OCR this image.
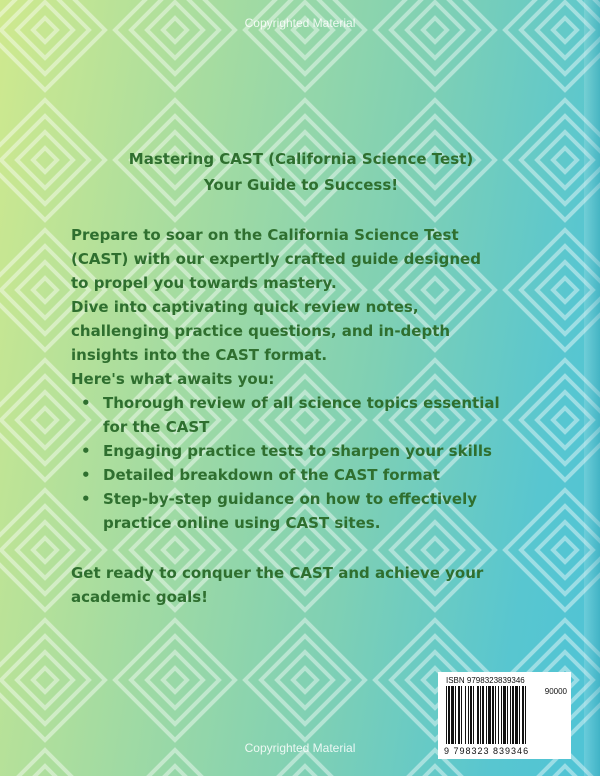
Copyrighted Material
Mastering CAST (California Science Test)
Your Guide to Success!
Prepare to soar on the California Science Test
(CAST) with our expertly crafted guide designed
to propel you towards mastery.
Dive into captivating quick review notes,
challenging practice questions, and in-depth
insights into the CAST format.
Here's what awaits you:
• Thorough review of all science topics essential
for the CAST
• Engaging practice tests to sharpen your skills
• Detailed breakdown of the CAST format
• Step-by-step guidance on how to effectively
practice online using CAST sites.
Get ready to conquer the CAST and achieve your
academic goals!
ISBN 9798323839346
90000
9 798323 839346
Copyrighted Material
